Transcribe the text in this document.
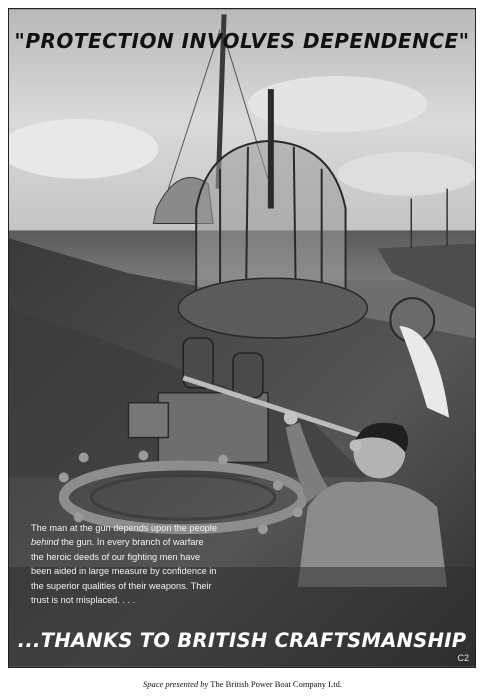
"PROTECTION INVOLVES DEPENDENCE"
The man at the gun depends upon the people
behind the gun. In every branch of warfare
the heroic deeds of our fighting men have
been aided in large measure by confidence in
the superior qualities of their weapons. Their
trust is not misplaced. . . .
...THANKS TO BRITISH CRAFTSMANSHIP
C2
Space presented by The British Power Boat Company Ltd.
